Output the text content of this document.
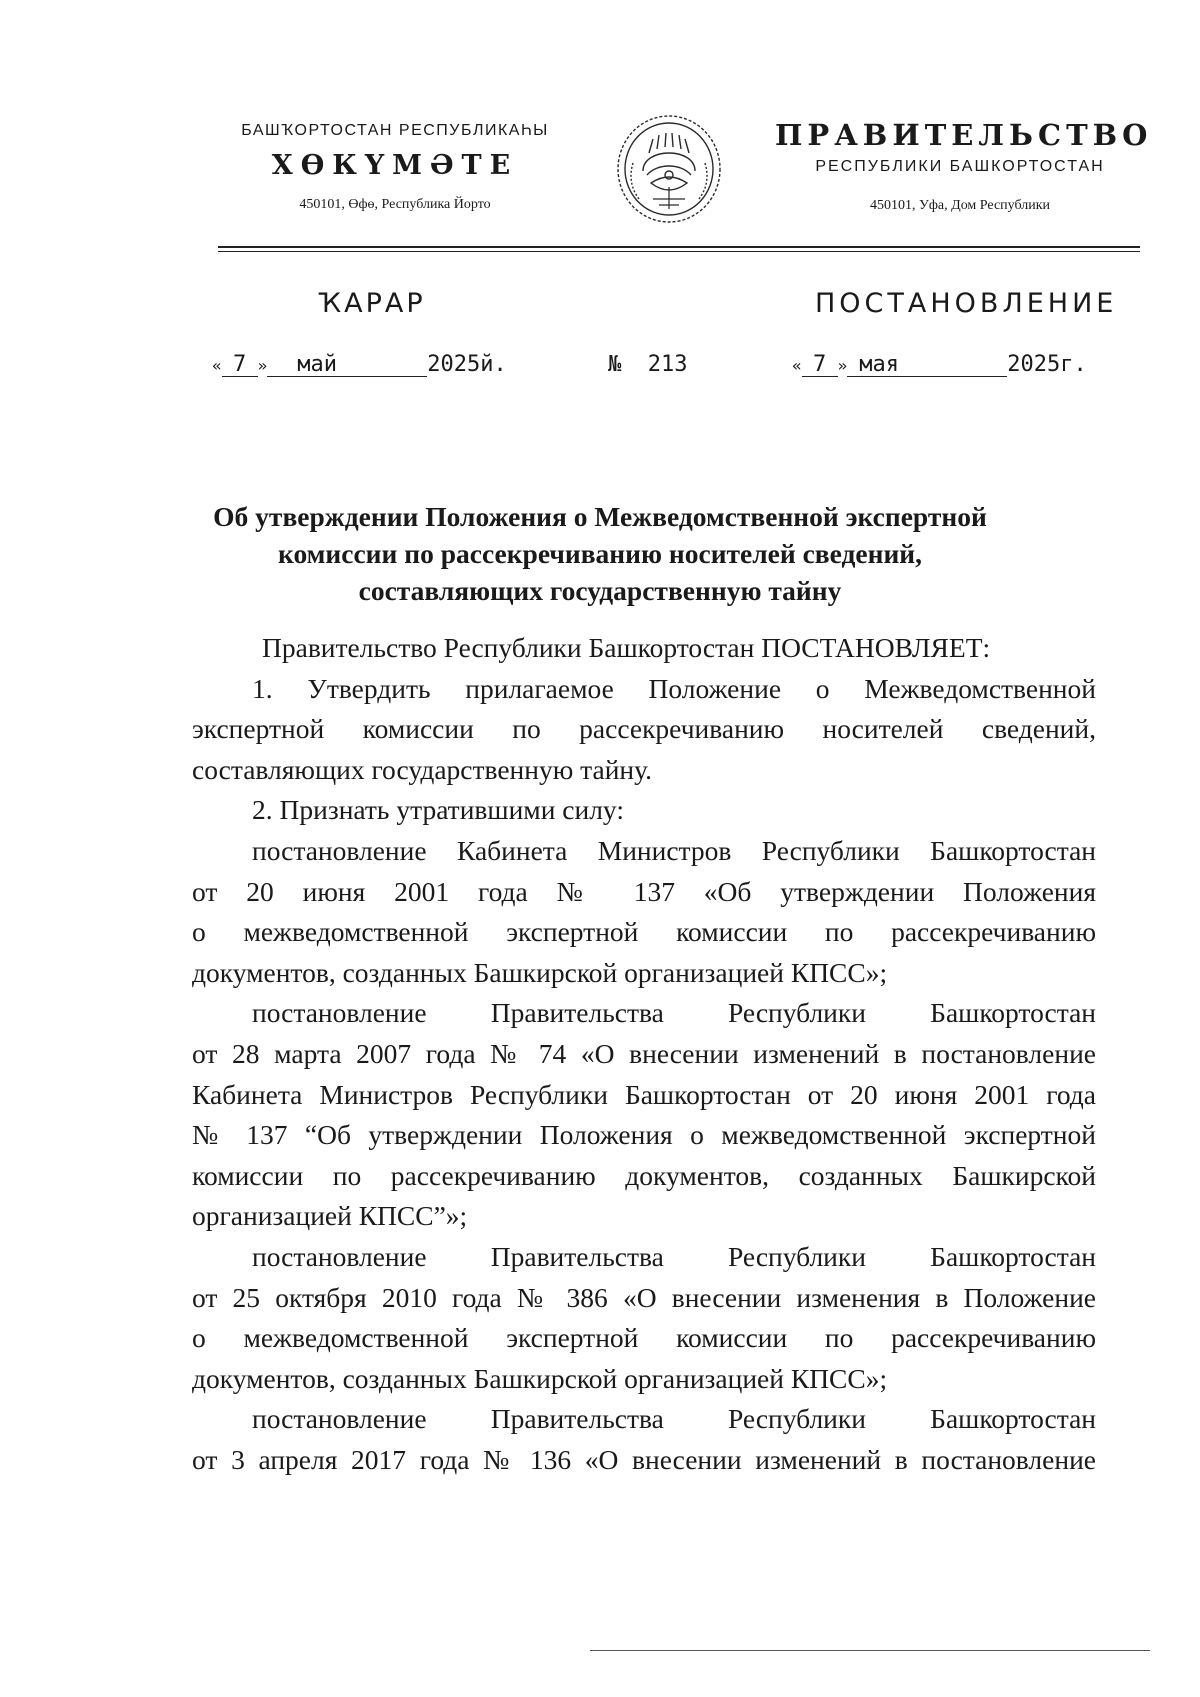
БАШҠОРТОСТАН РЕСПУБЛИКАҺЫ
ХӨКҮМӘТЕ
450101, Өфө, Республика Йорто
ПРАВИТЕЛЬСТВО
РЕСПУБЛИКИ БАШКОРТОСТАН
450101, Уфа, Дом Республики
ҠАРАР	ПОСТАНОВЛЕНИЕ
« 7 » май	2025й.	№ 213	« 7 » мая	2025г.
Об утверждении Положения о Межведомственной экспертной
комиссии по рассекречиванию носителей сведений,
составляющих государственную тайну

Правительство Республики Башкортостан ПОСТАНОВЛЯЕТ:

1. Утвердить прилагаемое Положение о Межведомственной

экспертной комиссии по рассекречиванию носителей сведений,

составляющих государственную тайну.

2. Признать утратившими силу:

постановление Кабинета Министров Республики Башкортостан

от 20 июня 2001 года № 137 «Об утверждении Положения

о межведомственной экспертной комиссии по рассекречиванию

документов, созданных Башкирской организацией КПСС»;

постановление Правительства Республики Башкортостан

от 28 марта 2007 года № 74 «О внесении изменений в постановление

Кабинета Министров Республики Башкортостан от 20 июня 2001 года

№ 137 “Об утверждении Положения о межведомственной экспертной

комиссии по рассекречиванию документов, созданных Башкирской

организацией КПСС”»;

постановление Правительства Республики Башкортостан

от 25 октября 2010 года № 386 «О внесении изменения в Положение

о межведомственной экспертной комиссии по рассекречиванию

документов, созданных Башкирской организацией КПСС»;

постановление Правительства Республики Башкортостан

от 3 апреля 2017 года № 136 «О внесении изменений в постановление
